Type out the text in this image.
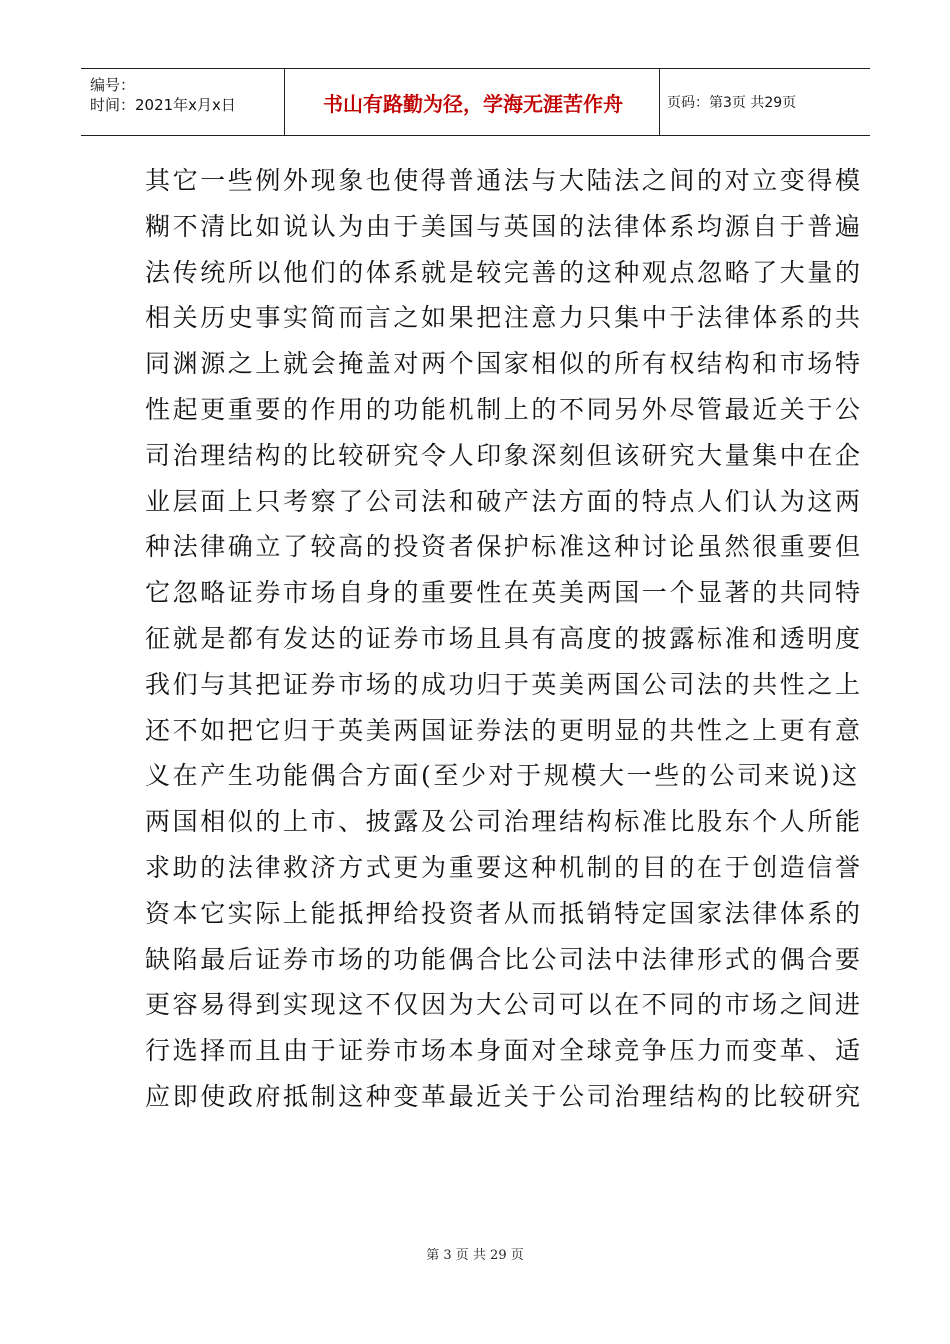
编号：
时间：2021年x月x日	书山有路勤为径，学海无涯苦作舟	页码：第3页 共29页
其它一些例外现象也使得普通法与大陆法之间的对立变得模
糊不清比如说认为由于美国与英国的法律体系均源自于普遍
法传统所以他们的体系就是较完善的这种观点忽略了大量的
相关历史事实简而言之如果把注意力只集中于法律体系的共
同渊源之上就会掩盖对两个国家相似的所有权结构和市场特
性起更重要的作用的功能机制上的不同另外尽管最近关于公
司治理结构的比较研究令人印象深刻但该研究大量集中在企
业层面上只考察了公司法和破产法方面的特点人们认为这两
种法律确立了较高的投资者保护标准这种讨论虽然很重要但
它忽略证券市场自身的重要性在英美两国一个显著的共同特
征就是都有发达的证券市场且具有高度的披露标准和透明度
我们与其把证券市场的成功归于英美两国公司法的共性之上
还不如把它归于英美两国证券法的更明显的共性之上更有意
义在产生功能偶合方面(至少对于规模大一些的公司来说)这
两国相似的上市、披露及公司治理结构标准比股东个人所能
求助的法律救济方式更为重要这种机制的目的在于创造信誉
资本它实际上能抵押给投资者从而抵销特定国家法律体系的
缺陷最后证券市场的功能偶合比公司法中法律形式的偶合要
更容易得到实现这不仅因为大公司可以在不同的市场之间进
行选择而且由于证券市场本身面对全球竞争压力而变革、适
应即使政府抵制这种变革最近关于公司治理结构的比较研究
第 3 页 共 29 页
